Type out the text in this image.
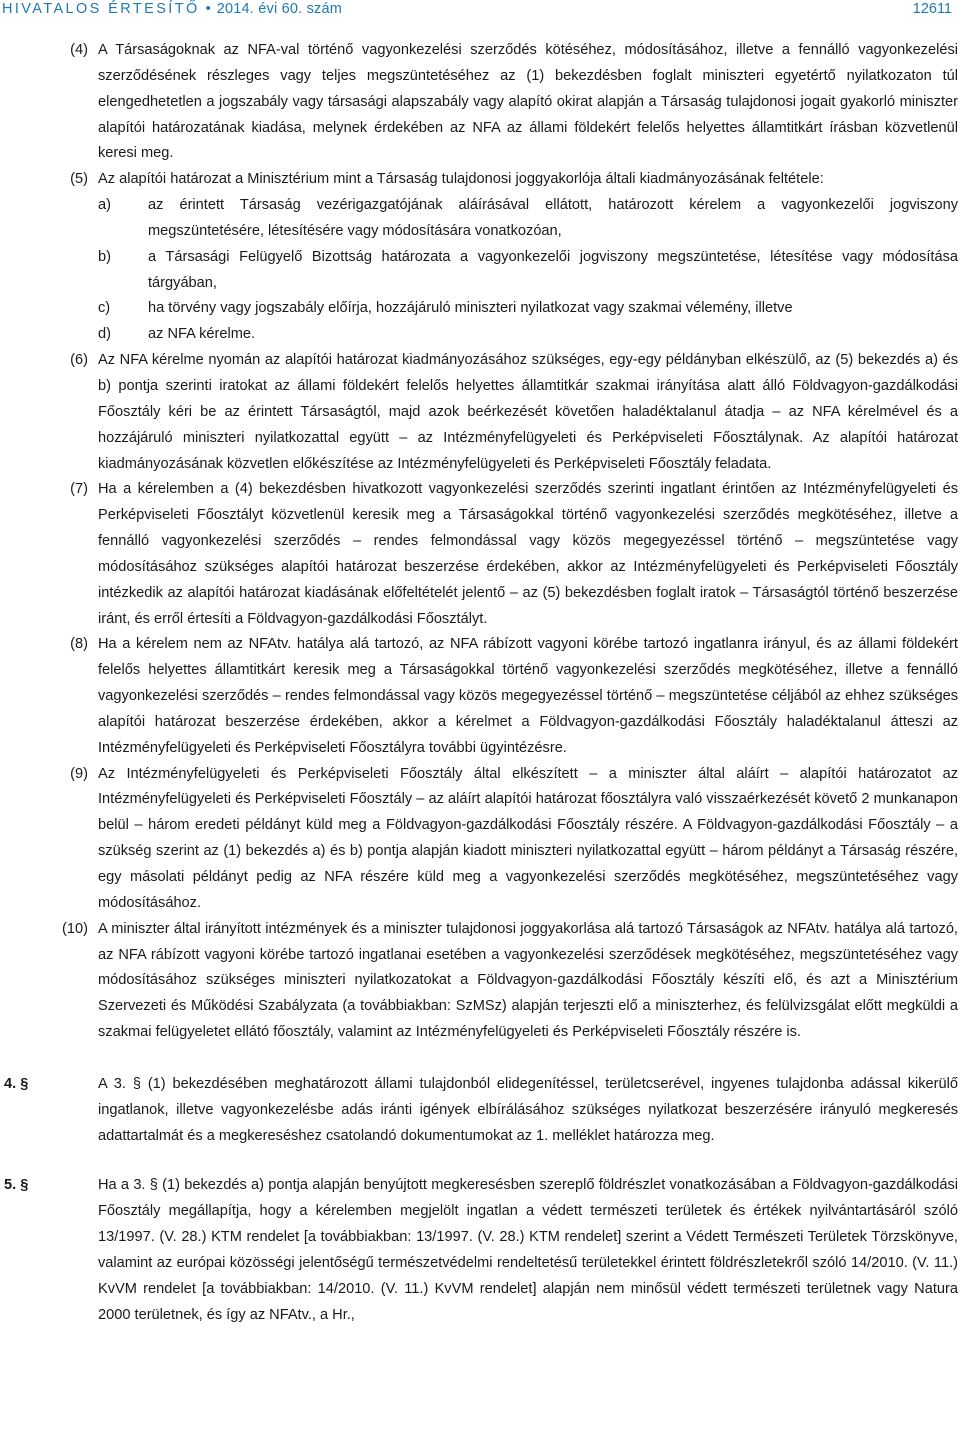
HIVATALOS ÉRTESÍTŐ • 2014. évi 60. szám	12611
(4) A Társaságoknak az NFA-val történő vagyonkezelési szerződés kötéséhez, módosításához, illetve a fennálló vagyonkezelési szerződésének részleges vagy teljes megszüntetéséhez az (1) bekezdésben foglalt miniszteri egyetértő nyilatkozaton túl elengedhetetlen a jogszabály vagy társasági alapszabály vagy alapító okirat alapján a Társaság tulajdonosi jogait gyakorló miniszter alapítói határozatának kiadása, melynek érdekében az NFA az állami földekért felelős helyettes államtitkárt írásban közvetlenül keresi meg.
(5) Az alapítói határozat a Minisztérium mint a Társaság tulajdonosi joggyakorlója általi kiadmányozásának feltétele:
a)	az érintett Társaság vezérigazgatójának aláírásával ellátott, határozott kérelem a vagyonkezelői jogviszony megszüntetésére, létesítésére vagy módosítására vonatkozóan,
b)	a Társasági Felügyelő Bizottság határozata a vagyonkezelői jogviszony megszüntetése, létesítése vagy módosítása tárgyában,
c)	ha törvény vagy jogszabály előírja, hozzájáruló miniszteri nyilatkozat vagy szakmai vélemény, illetve
d)	az NFA kérelme.
(6) Az NFA kérelme nyomán az alapítói határozat kiadmányozásához szükséges, egy-egy példányban elkészülő, az (5) bekezdés a) és b) pontja szerinti iratokat az állami földekért felelős helyettes államtitkár szakmai irányítása alatt álló Földvagyon-gazdálkodási Főosztály kéri be az érintett Társaságtól, majd azok beérkezését követően haladéktalanul átadja – az NFA kérelmével és a hozzájáruló miniszteri nyilatkozattal együtt – az Intézményfelügyeleti és Perképviseleti Főosztálynak. Az alapítói határozat kiadmányozásának közvetlen előkészítése az Intézményfelügyeleti és Perképviseleti Főosztály feladata.
(7) Ha a kérelemben a (4) bekezdésben hivatkozott vagyonkezelési szerződés szerinti ingatlant érintően az Intézményfelügyeleti és Perképviseleti Főosztályt közvetlenül keresik meg a Társaságokkal történő vagyonkezelési szerződés megkötéséhez, illetve a fennálló vagyonkezelési szerződés – rendes felmondással vagy közös megegyezéssel történő – megszüntetése vagy módosításához szükséges alapítói határozat beszerzése érdekében, akkor az Intézményfelügyeleti és Perképviseleti Főosztály intézkedik az alapítói határozat kiadásának előfeltételét jelentő – az (5) bekezdésben foglalt iratok – Társaságtól történő beszerzése iránt, és erről értesíti a Földvagyon-gazdálkodási Főosztályt.
(8) Ha a kérelem nem az NFAtv. hatálya alá tartozó, az NFA rábízott vagyoni körébe tartozó ingatlanra irányul, és az állami földekért felelős helyettes államtitkárt keresik meg a Társaságokkal történő vagyonkezelési szerződés megkötéséhez, illetve a fennálló vagyonkezelési szerződés – rendes felmondással vagy közös megegyezéssel történő – megszüntetése céljából az ehhez szükséges alapítói határozat beszerzése érdekében, akkor a kérelmet a Földvagyon-gazdálkodási Főosztály haladéktalanul átteszi az Intézményfelügyeleti és Perképviseleti Főosztályra további ügyintézésre.
(9) Az Intézményfelügyeleti és Perképviseleti Főosztály által elkészített – a miniszter által aláírt – alapítói határozatot az Intézményfelügyeleti és Perképviseleti Főosztály – az aláírt alapítói határozat főosztályra való visszaérkezését követő 2 munkanapon belül – három eredeti példányt küld meg a Földvagyon-gazdálkodási Főosztály részére. A Földvagyon-gazdálkodási Főosztály – a szükség szerint az (1) bekezdés a) és b) pontja alapján kiadott miniszteri nyilatkozattal együtt – három példányt a Társaság részére, egy másolati példányt pedig az NFA részére küld meg a vagyonkezelési szerződés megkötéséhez, megszüntetéséhez vagy módosításához.
(10) A miniszter által irányított intézmények és a miniszter tulajdonosi joggyakorlása alá tartozó Társaságok az NFAtv. hatálya alá tartozó, az NFA rábízott vagyoni körébe tartozó ingatlanai esetében a vagyonkezelési szerződések megkötéséhez, megszüntetéséhez vagy módosításához szükséges miniszteri nyilatkozatokat a Földvagyon-gazdálkodási Főosztály készíti elő, és azt a Minisztérium Szervezeti és Működési Szabályzata (a továbbiakban: SzMSz) alapján terjeszti elő a miniszterhez, és felülvizsgálat előtt megküldi a szakmai felügyeletet ellátó főosztály, valamint az Intézményfelügyeleti és Perképviseleti Főosztály részére is.
4. §	A 3. § (1) bekezdésében meghatározott állami tulajdonból elidegenítéssel, területcserével, ingyenes tulajdonba adással kikerülő ingatlanok, illetve vagyonkezelésbe adás iránti igények elbírálásához szükséges nyilatkozat beszerzésére irányuló megkeresés adattartalmát és a megkereséshez csatolandó dokumentumokat az 1. melléklet határozza meg.
5. §	Ha a 3. § (1) bekezdés a) pontja alapján benyújtott megkeresésben szereplő földrészlet vonatkozásában a Földvagyon-gazdálkodási Főosztály megállapítja, hogy a kérelemben megjelölt ingatlan a védett természeti területek és értékek nyilvántartásáról szóló 13/1997. (V. 28.) KTM rendelet [a továbbiakban: 13/1997. (V. 28.) KTM rendelet] szerint a Védett Természeti Területek Törzskönyve, valamint az európai közösségi jelentőségű természetvédelmi rendeltetésű területekkel érintett földrészletekről szóló 14/2010. (V. 11.) KvVM rendelet [a továbbiakban: 14/2010. (V. 11.) KvVM rendelet] alapján nem minősül védett természeti területnek vagy Natura 2000 területnek, és így az NFAtv., a Hr.,
